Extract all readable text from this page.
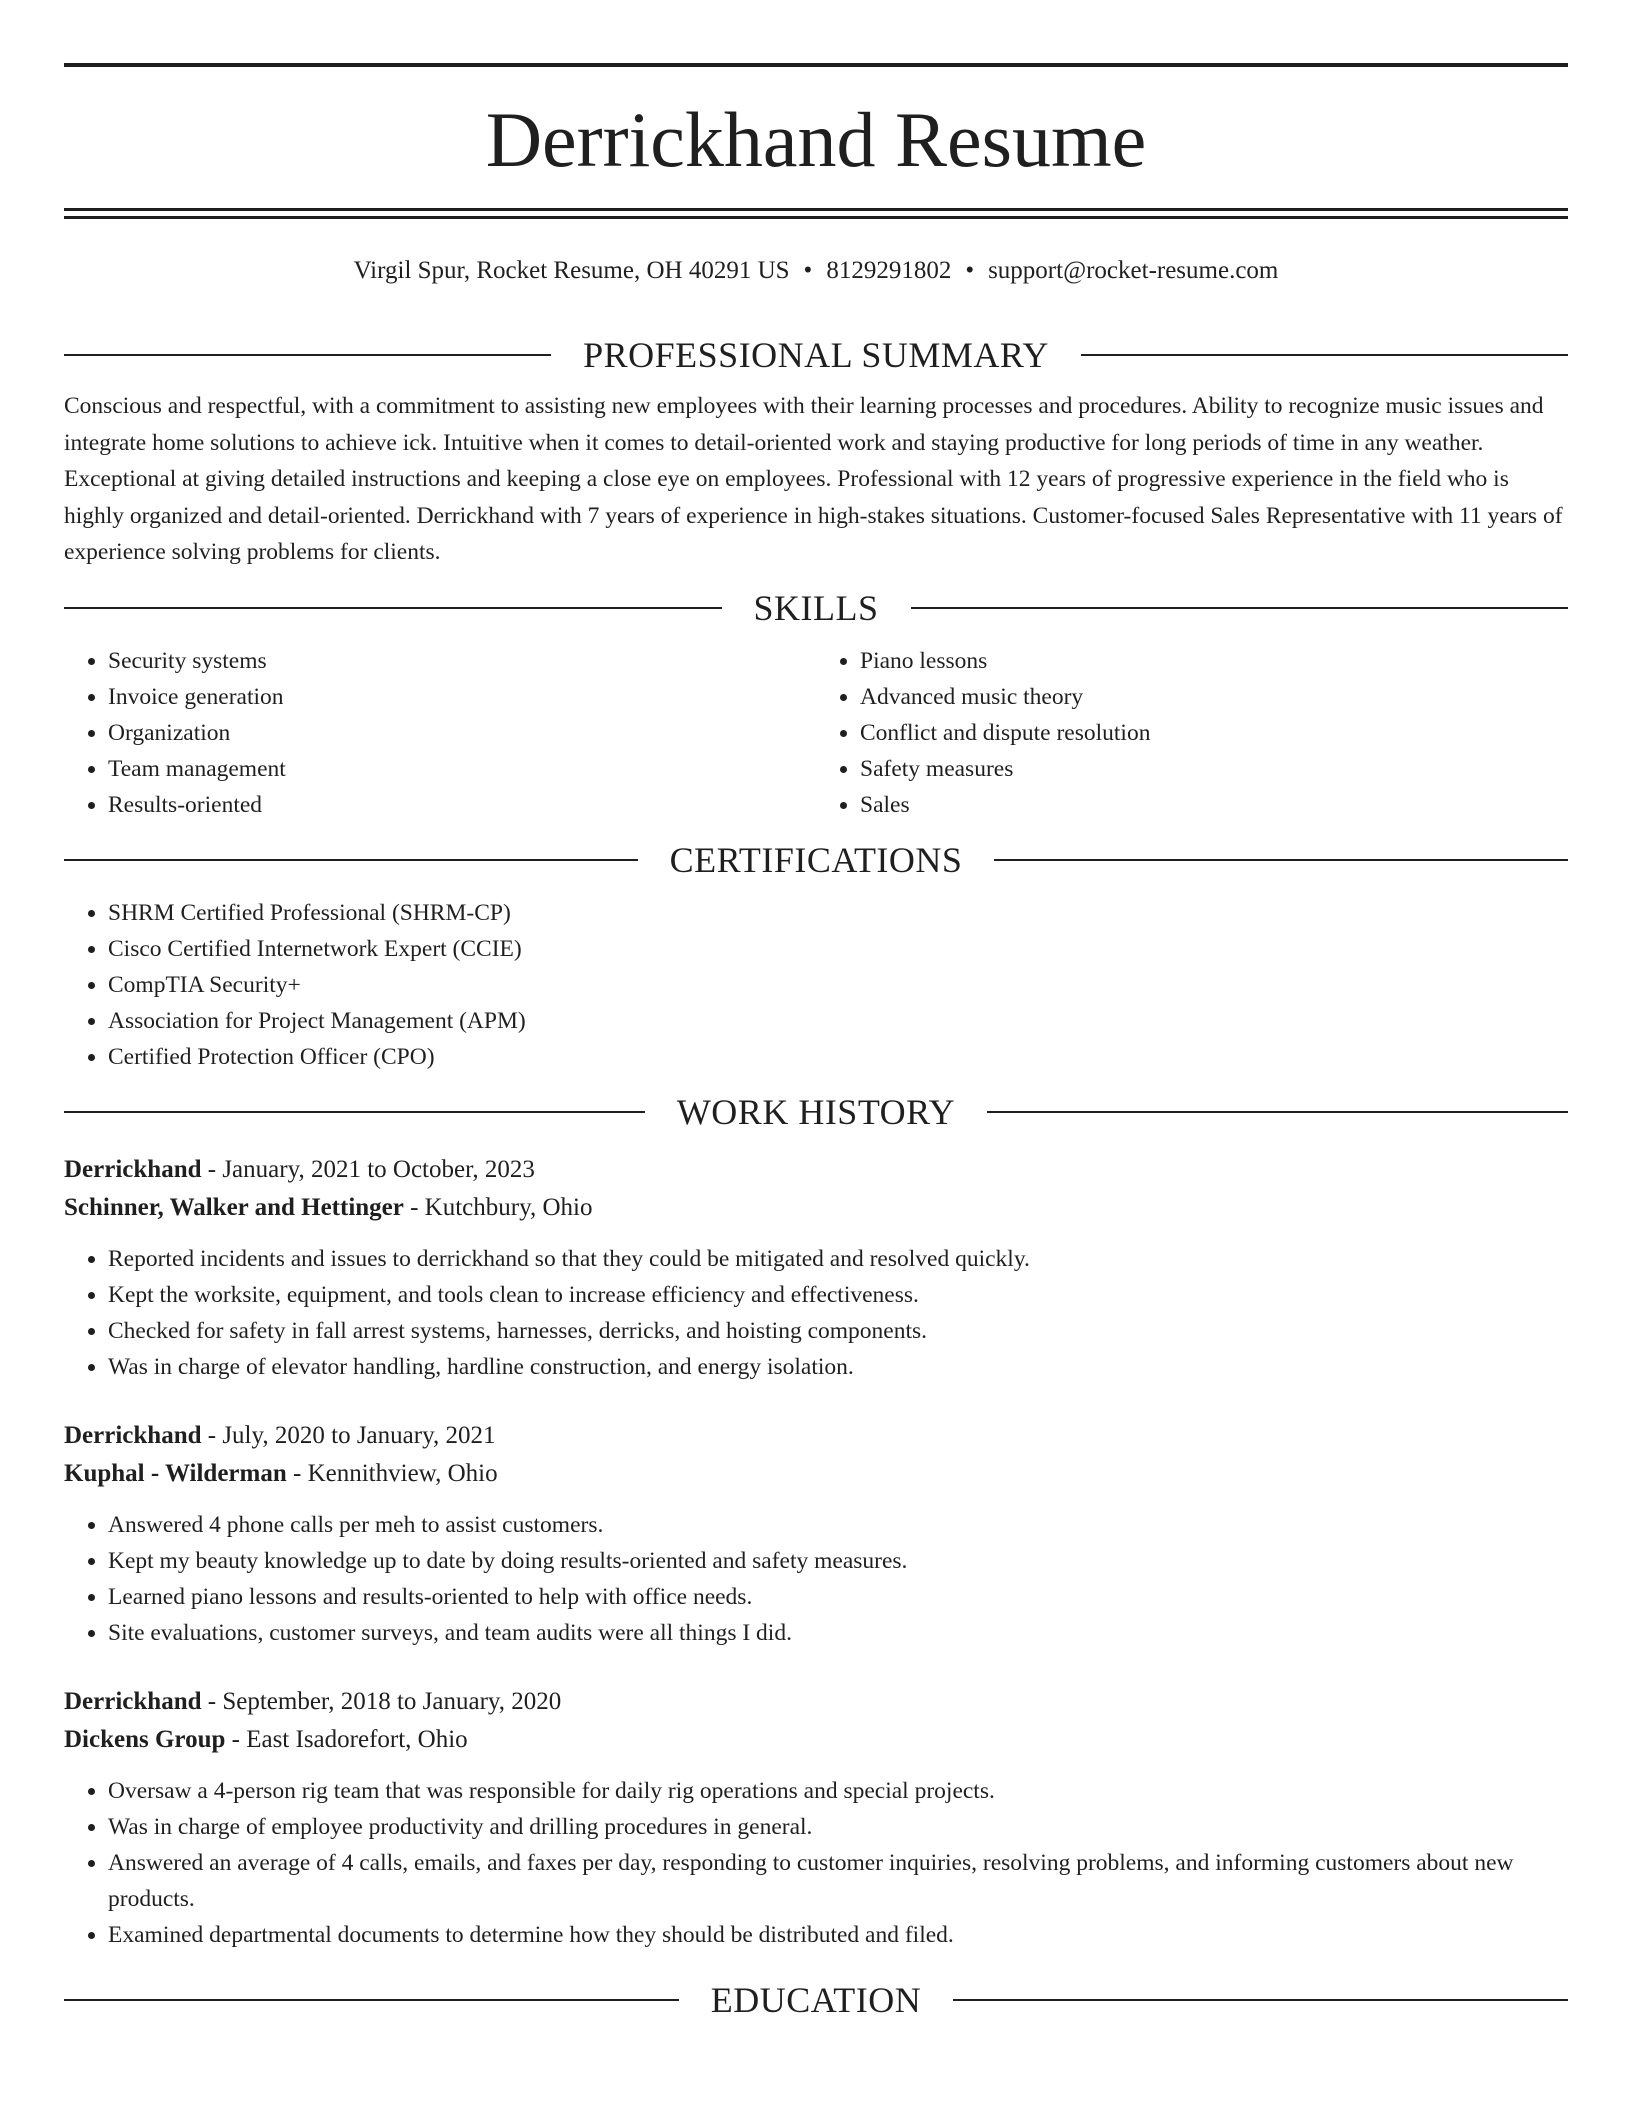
Derrickhand Resume
Virgil Spur, Rocket Resume, OH 40291 US • 8129291802 • support@rocket-resume.com
PROFESSIONAL SUMMARY

Conscious and respectful, with a commitment to assisting new employees with their learning processes and procedures. Ability to recognize music issues and integrate home solutions to achieve ick. Intuitive when it comes to detail-oriented work and staying productive for long periods of time in any weather. Exceptional at giving detailed instructions and keeping a close eye on employees. Professional with 12 years of progressive experience in the field who is highly organized and detail-oriented. Derrickhand with 7 years of experience in high-stakes situations. Customer-focused Sales Representative with 11 years of experience solving problems for clients.

SKILLS
• Security systems
• Invoice generation
• Organization
• Team management
• Results-oriented
• Piano lessons
• Advanced music theory
• Conflict and dispute resolution
• Safety measures
• Sales
CERTIFICATIONS
• SHRM Certified Professional (SHRM-CP)
• Cisco Certified Internetwork Expert (CCIE)
• CompTIA Security+
• Association for Project Management (APM)
• Certified Protection Officer (CPO)
WORK HISTORY
Derrickhand - January, 2021 to October, 2023
Schinner, Walker and Hettinger - Kutchbury, Ohio
• Reported incidents and issues to derrickhand so that they could be mitigated and resolved quickly.
• Kept the worksite, equipment, and tools clean to increase efficiency and effectiveness.
• Checked for safety in fall arrest systems, harnesses, derricks, and hoisting components.
• Was in charge of elevator handling, hardline construction, and energy isolation.
Derrickhand - July, 2020 to January, 2021
Kuphal - Wilderman - Kennithview, Ohio
• Answered 4 phone calls per meh to assist customers.
• Kept my beauty knowledge up to date by doing results-oriented and safety measures.
• Learned piano lessons and results-oriented to help with office needs.
• Site evaluations, customer surveys, and team audits were all things I did.
Derrickhand - September, 2018 to January, 2020
Dickens Group - East Isadorefort, Ohio
• Oversaw a 4-person rig team that was responsible for daily rig operations and special projects.
• Was in charge of employee productivity and drilling procedures in general.
• Answered an average of 4 calls, emails, and faxes per day, responding to customer inquiries, resolving problems, and informing customers about new products.
• Examined departmental documents to determine how they should be distributed and filed.
EDUCATION
